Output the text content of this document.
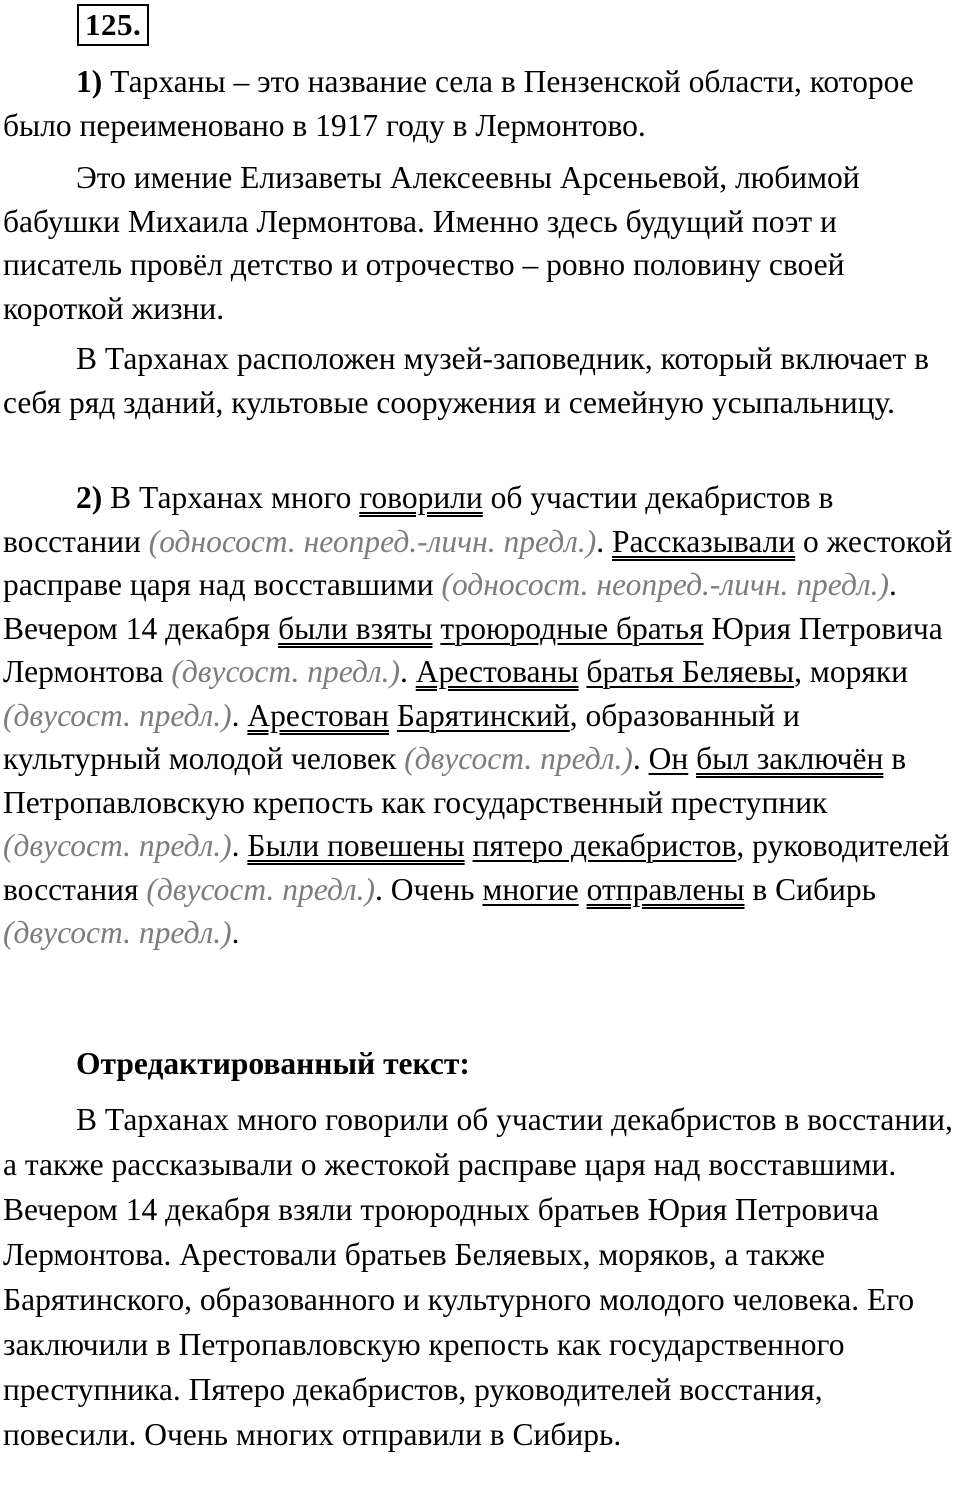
125.

1) Тарханы – это название села в Пензенской области, которое было переименовано в 1917 году в Лермонтово.

Это имение Елизаветы Алексеевны Арсеньевой, любимой бабушки Михаила Лермонтова. Именно здесь будущий поэт и писатель провёл детство и отрочество – ровно половину своей короткой жизни.

В Тарханах расположен музей-заповедник, который включает в себя ряд зданий, культовые сооружения и семейную усыпальницу.

2) В Тарханах много говорили об участии декабристов в восстании (односост. неопред.-личн. предл.). Рассказывали о жестокой расправе царя над восставшими (односост. неопред.-личн. предл.). Вечером 14 декабря были взяты троюродные братья Юрия Петровича Лермонтова (двусост. предл.). Арестованы братья Беляевы, моряки (двусост. предл.). Арестован Барятинский, образованный и культурный молодой человек (двусост. предл.). Он был заключён в Петропавловскую крепость как государственный преступник (двусост. предл.). Были повешены пятеро декабристов, руководителей восстания (двусост. предл.). Очень многие отправлены в Сибирь (двусост. предл.).

Отредактированный текст:

В Тарханах много говорили об участии декабристов в восстании, а также рассказывали о жестокой расправе царя над восставшими. Вечером 14 декабря взяли троюродных братьев Юрия Петровича Лермонтова. Арестовали братьев Беляевых, моряков, а также Барятинского, образованного и культурного молодого человека. Его заключили в Петропавловскую крепость как государственного преступника. Пятеро декабристов, руководителей восстания, повесили. Очень многих отправили в Сибирь.
